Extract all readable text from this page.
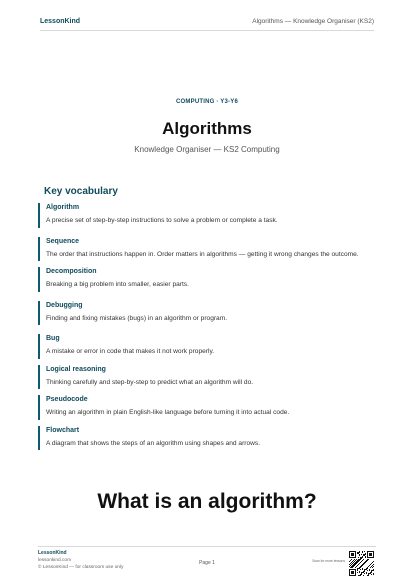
LessonKind	Algorithms — Knowledge Organiser (KS2)
COMPUTING · Y3-Y6
Algorithms
Knowledge Organiser — KS2 Computing
Key vocabulary
Algorithm
A precise set of step-by-step instructions to solve a problem or complete a task.
Sequence
The order that instructions happen in. Order matters in algorithms — getting it wrong changes the outcome.
Decomposition
Breaking a big problem into smaller, easier parts.
Debugging
Finding and fixing mistakes (bugs) in an algorithm or program.
Bug
A mistake or error in code that makes it not work properly.
Logical reasoning
Thinking carefully and step-by-step to predict what an algorithm will do.
Pseudocode
Writing an algorithm in plain English-like language before turning it into actual code.
Flowchart
A diagram that shows the steps of an algorithm using shapes and arrows.
What is an algorithm?
LessonKind
lessonkind.com
© LessonKind — for classroom use only
Page 1	Scan for more lessons
